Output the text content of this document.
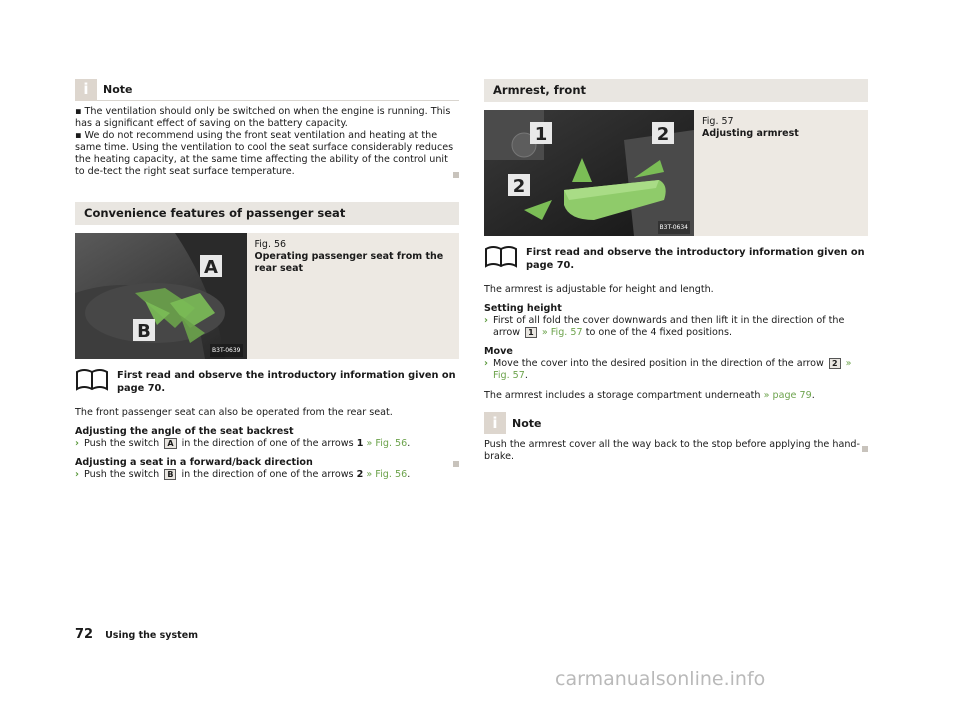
i	Note

▪ The ventilation should only be switched on when the engine is running. This has a significant effect of saving on the battery capacity.

▪ We do not recommend using the front seat ventilation and heating at the same time. Using the ventilation to cool the seat surface considerably reduces the heating capacity, at the same time affecting the ability of the control unit to de-tect the right seat surface temperature.

Convenience features of passenger seat
A
B
B3T-0639
Fig. 56
Operating passenger seat from the rear seat
First read and observe the introductory information given on page 70.

The front passenger seat can also be operated from the rear seat.

Adjusting the angle of the seat backrest

› Push the switch A in the direction of one of the arrows 1 » Fig. 56.

Adjusting a seat in a forward/back direction

› Push the switch B in the direction of one of the arrows 2 » Fig. 56.
Armrest, front
1	2
2
B3T-0634
Fig. 57
Adjusting armrest
First read and observe the introductory information given on page 70.

The armrest is adjustable for height and length.

Setting height

› First of all fold the cover downwards and then lift it in the direction of the arrow 1 » Fig. 57 to one of the 4 fixed positions.

Move

› Move the cover into the desired position in the direction of the arrow 2 » Fig. 57.

The armrest includes a storage compartment underneath » page 79.

i	Note

Push the armrest cover all the way back to the stop before applying the hand-brake.

72 Using the system
carmanualsonline.info
